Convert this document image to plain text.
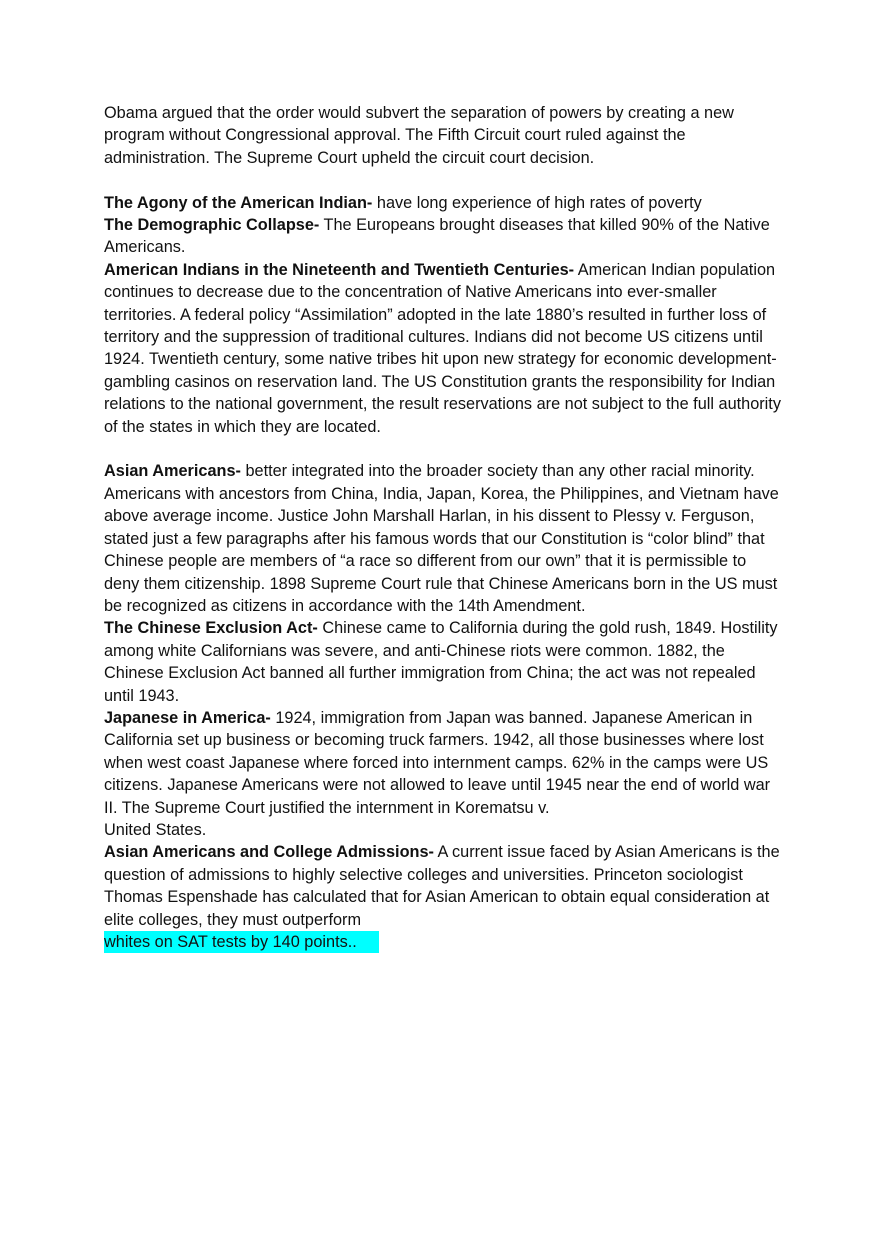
Obama argued that the order would subvert the separation of powers by creating a new program without Congressional approval. The Fifth Circuit court ruled against the administration. The Supreme Court upheld the circuit court decision.

The Agony of the American Indian- have long experience of high rates of poverty

The Demographic Collapse- The Europeans brought diseases that killed 90% of the Native Americans.

American Indians in the Nineteenth and Twentieth Centuries- American Indian population continues to decrease due to the concentration of Native Americans into ever-smaller territories. A federal policy “Assimilation” adopted in the late 1880’s resulted in further loss of territory and the suppression of traditional cultures. Indians did not become US citizens until 1924. Twentieth century, some native tribes hit upon new strategy for economic development- gambling casinos on reservation land. The US Constitution grants the responsibility for Indian relations to the national government, the result reservations are not subject to the full authority of the states in which they are located.

Asian Americans- better integrated into the broader society than any other racial minority. Americans with ancestors from China, India, Japan, Korea, the Philippines, and Vietnam have above average income. Justice John Marshall Harlan, in his dissent to Plessy v. Ferguson, stated just a few paragraphs after his famous words that our Constitution is “color blind” that Chinese people are members of “a race so different from our own” that it is permissible to deny them citizenship. 1898 Supreme Court rule that Chinese Americans born in the US must be recognized as citizens in accordance with the 14th Amendment.

The Chinese Exclusion Act- Chinese came to California during the gold rush, 1849. Hostility among white Californians was severe, and anti-Chinese riots were common. 1882, the Chinese Exclusion Act banned all further immigration from China; the act was not repealed until 1943.

Japanese in America- 1924, immigration from Japan was banned. Japanese American in California set up business or becoming truck farmers. 1942, all those businesses where lost when west coast Japanese where forced into internment camps. 62% in the camps were US citizens. Japanese Americans were not allowed to leave until 1945 near the end of world war II. The Supreme Court justified the internment in Korematsu v.

United States.

Asian Americans and College Admissions- A current issue faced by Asian Americans is the question of admissions to highly selective colleges and universities. Princeton sociologist Thomas Espenshade has calculated that for Asian American to obtain equal consideration at elite colleges, they must outperform

whites on SAT tests by 140 points..
